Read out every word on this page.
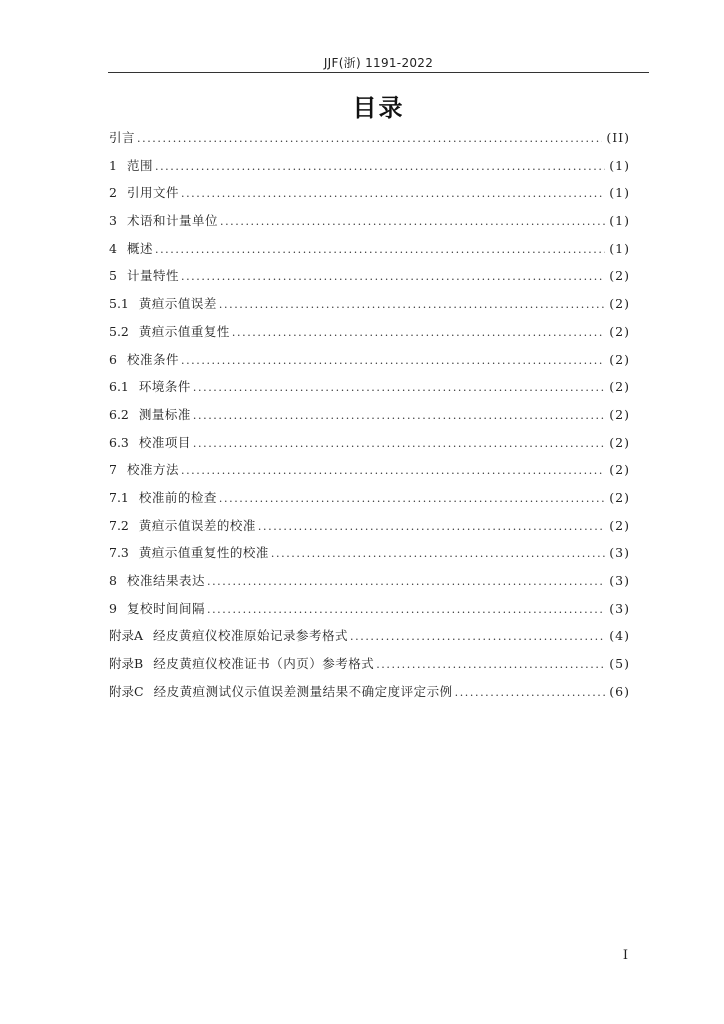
JJF(浙) 1191-2022
目录
引言 .....	(II)
1 范围 .....	(1)
2 引用文件 .....	(1)
3 术语和计量单位 .....	(1)
4 概述 .....	(1)
5 计量特性 .....	(2)
5.1 黄疸示值误差 .....	(2)
5.2 黄疸示值重复性 .....	(2)
6 校准条件 .....	(2)
6.1 环境条件 .....	(2)
6.2 测量标准 .....	(2)
6.3 校准项目 .....	(2)
7 校准方法 .....	(2)
7.1 校准前的检查 .....	(2)
7.2 黄疸示值误差的校准 .....	(2)
7.3 黄疸示值重复性的校准 .....	(3)
8 校准结果表达 .....	(3)
9 复校时间间隔 .....	(3)
附录A 经皮黄疸仪校准原始记录参考格式 .....	(4)
附录B 经皮黄疸仪校准证书（内页）参考格式 .....	(5)
附录C 经皮黄疸测试仪示值误差测量结果不确定度评定示例 .....	(6)
I
